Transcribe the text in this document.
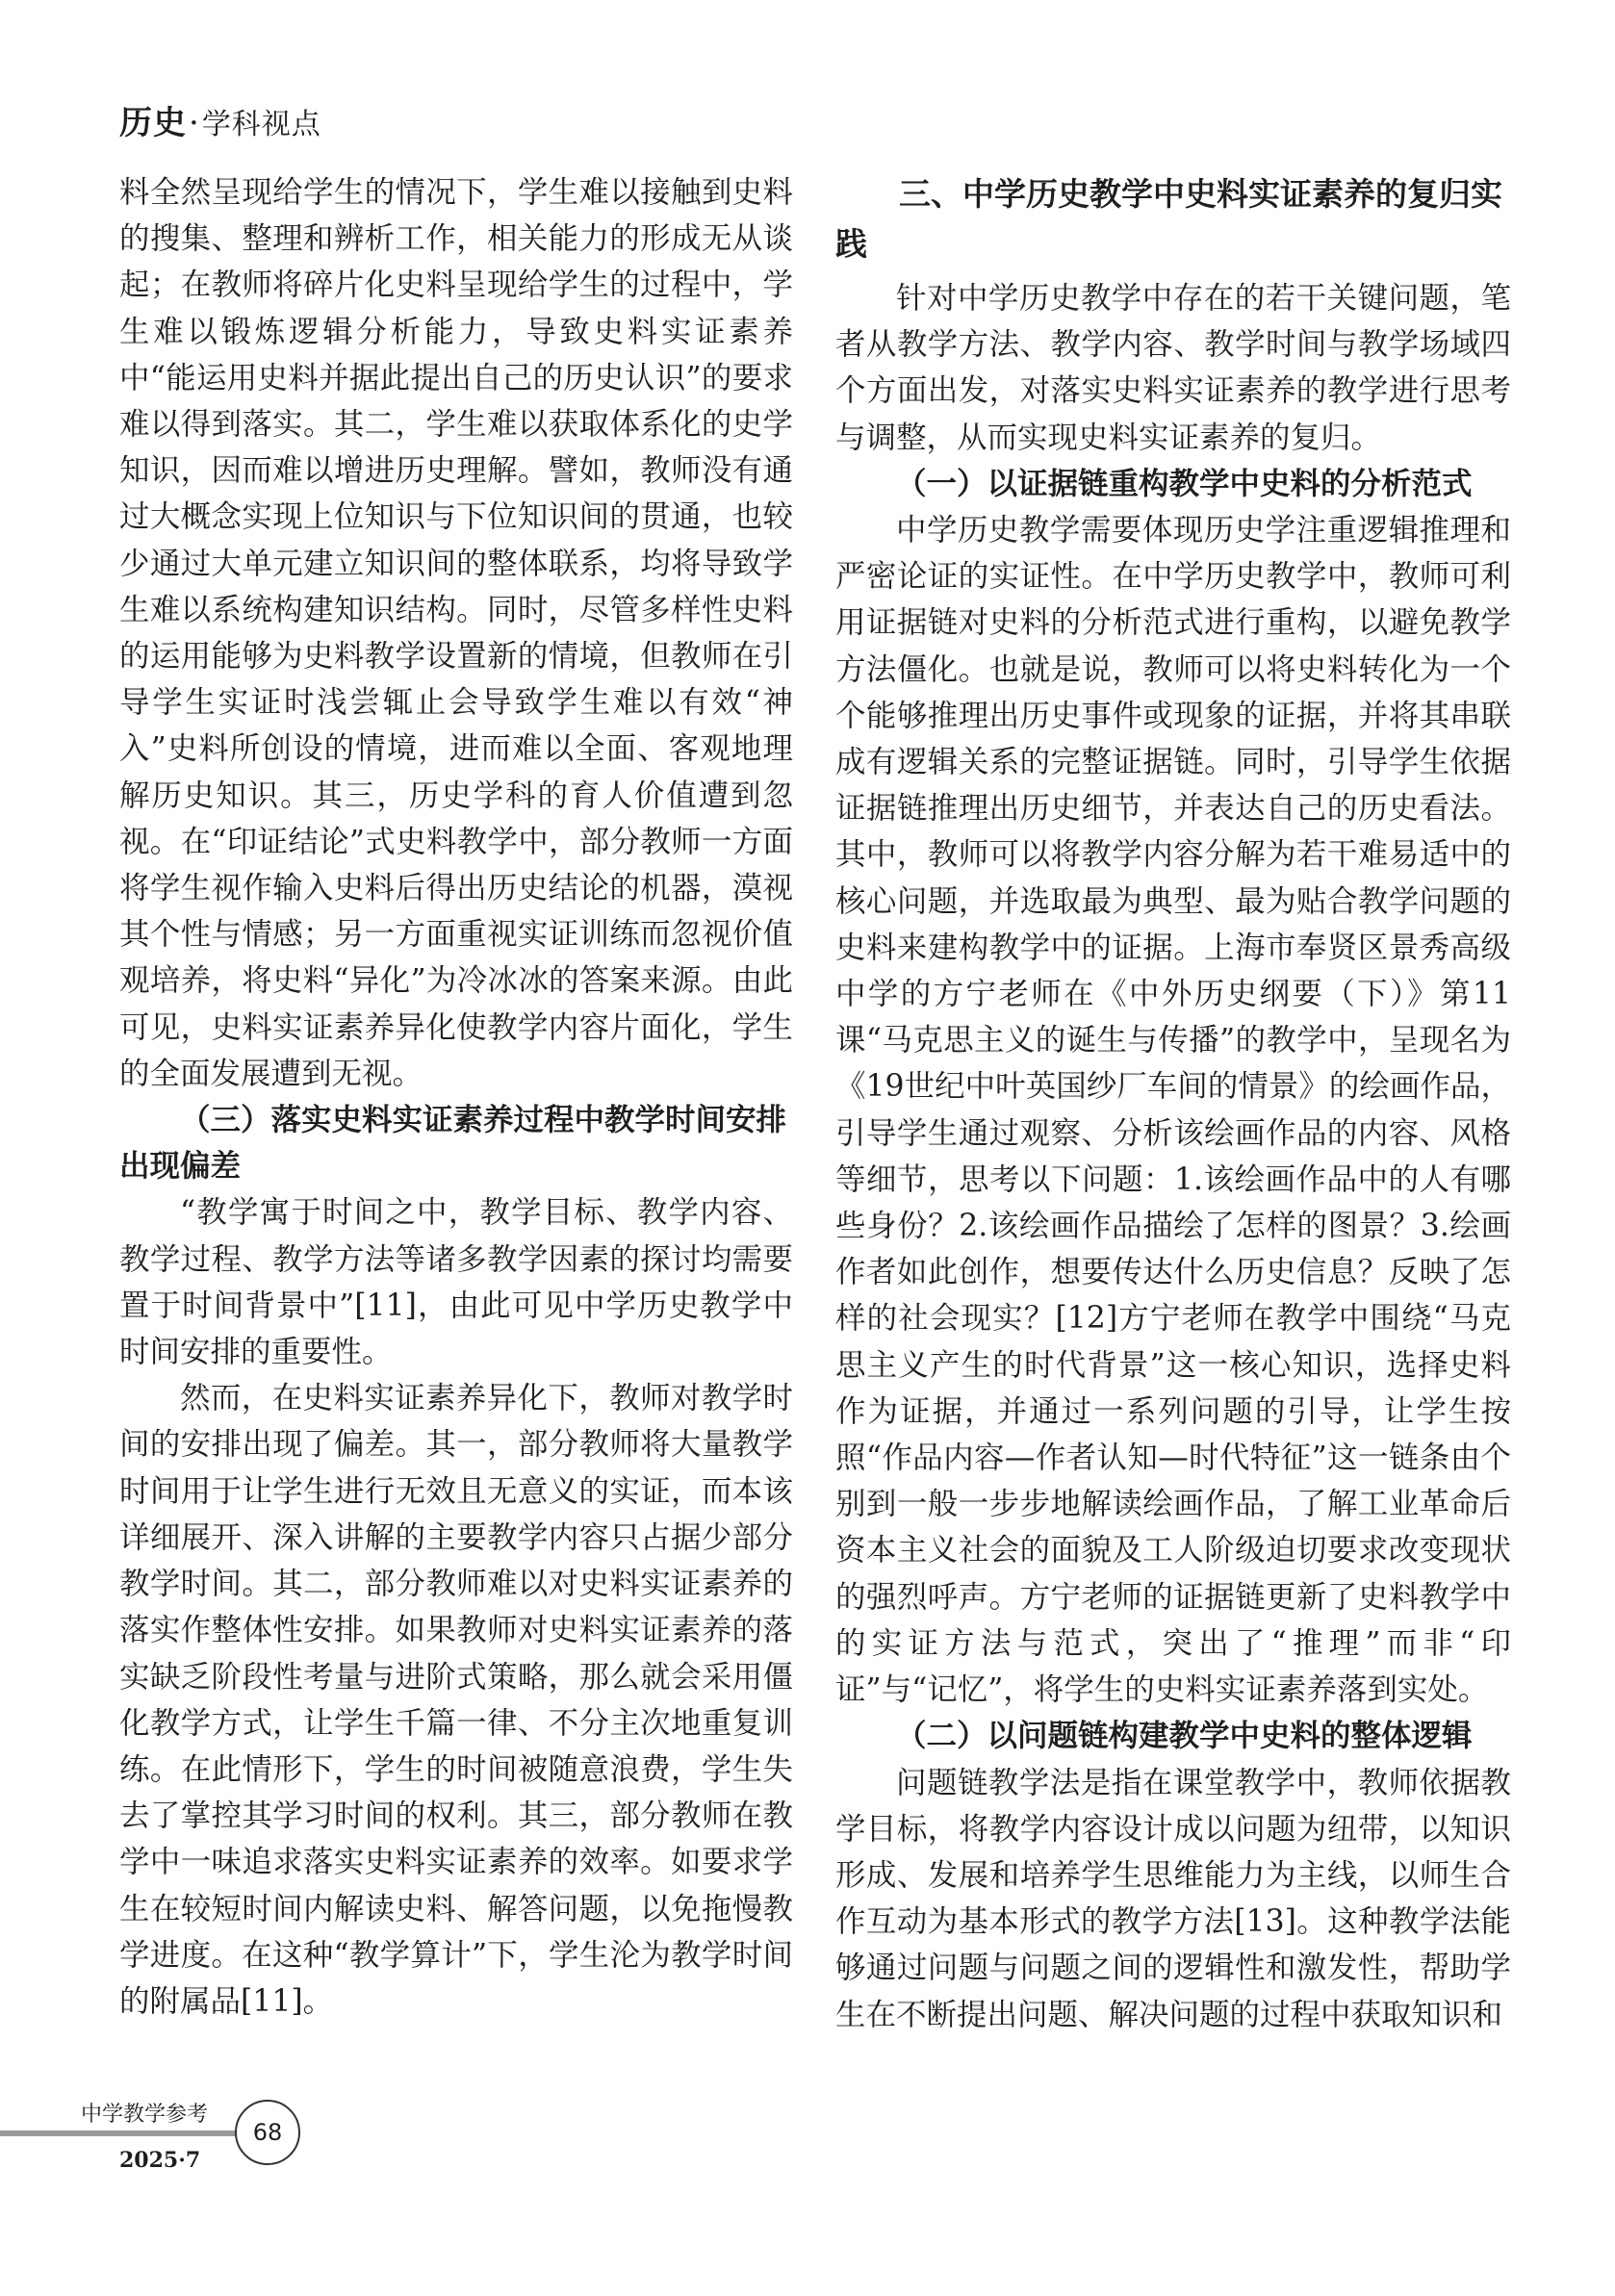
历史·学科视点

料全然呈现给学生的情况下，学生难以接触到史料的搜集、整理和辨析工作，相关能力的形成无从谈起；在教师将碎片化史料呈现给学生的过程中，学生难以锻炼逻辑分析能力，导致史料实证素养中“能运用史料并据此提出自己的历史认识”的要求难以得到落实。其二，学生难以获取体系化的史学知识，因而难以增进历史理解。譬如，教师没有通过大概念实现上位知识与下位知识间的贯通，也较少通过大单元建立知识间的整体联系，均将导致学生难以系统构建知识结构。同时，尽管多样性史料的运用能够为史料教学设置新的情境，但教师在引导学生实证时浅尝辄止会导致学生难以有效“神入”史料所创设的情境，进而难以全面、客观地理解历史知识。其三，历史学科的育人价值遭到忽视。在“印证结论”式史料教学中，部分教师一方面将学生视作输入史料后得出历史结论的机器，漠视其个性与情感；另一方面重视实证训练而忽视价值观培养，将史料“异化”为冷冰冰的答案来源。由此可见，史料实证素养异化使教学内容片面化，学生的全面发展遭到无视。

（三）落实史料实证素养过程中教学时间安排出现偏差

“教学寓于时间之中，教学目标、教学内容、教学过程、教学方法等诸多教学因素的探讨均需要置于时间背景中”[11]，由此可见中学历史教学中时间安排的重要性。

然而，在史料实证素养异化下，教师对教学时间的安排出现了偏差。其一，部分教师将大量教学时间用于让学生进行无效且无意义的实证，而本该详细展开、深入讲解的主要教学内容只占据少部分教学时间。其二，部分教师难以对史料实证素养的落实作整体性安排。如果教师对史料实证素养的落实缺乏阶段性考量与进阶式策略，那么就会采用僵化教学方式，让学生千篇一律、不分主次地重复训练。在此情形下，学生的时间被随意浪费，学生失去了掌控其学习时间的权利。其三，部分教师在教学中一味追求落实史料实证素养的效率。如要求学生在较短时间内解读史料、解答问题，以免拖慢教学进度。在这种“教学算计”下，学生沦为教学时间的附属品[11]。

三、中学历史教学中史料实证素养的复归实践

针对中学历史教学中存在的若干关键问题，笔者从教学方法、教学内容、教学时间与教学场域四个方面出发，对落实史料实证素养的教学进行思考与调整，从而实现史料实证素养的复归。

（一）以证据链重构教学中史料的分析范式

中学历史教学需要体现历史学注重逻辑推理和严密论证的实证性。在中学历史教学中，教师可利用证据链对史料的分析范式进行重构，以避免教学方法僵化。也就是说，教师可以将史料转化为一个个能够推理出历史事件或现象的证据，并将其串联成有逻辑关系的完整证据链。同时，引导学生依据证据链推理出历史细节，并表达自己的历史看法。其中，教师可以将教学内容分解为若干难易适中的核心问题，并选取最为典型、最为贴合教学问题的史料来建构教学中的证据。上海市奉贤区景秀高级中学的方宁老师在《中外历史纲要（下）》第11课“马克思主义的诞生与传播”的教学中，呈现名为《19世纪中叶英国纱厂车间的情景》的绘画作品，引导学生通过观察、分析该绘画作品的内容、风格等细节，思考以下问题：1.该绘画作品中的人有哪些身份？2.该绘画作品描绘了怎样的图景？3.绘画作者如此创作，想要传达什么历史信息？反映了怎样的社会现实？[12]方宁老师在教学中围绕“马克思主义产生的时代背景”这一核心知识，选择史料作为证据，并通过一系列问题的引导，让学生按照“作品内容—作者认知—时代特征”这一链条由个别到一般一步步地解读绘画作品，了解工业革命后资本主义社会的面貌及工人阶级迫切要求改变现状的强烈呼声。方宁老师的证据链更新了史料教学中的实证方法与范式，突出了“推理”而非“印证”与“记忆”，将学生的史料实证素养落到实处。

（二）以问题链构建教学中史料的整体逻辑

问题链教学法是指在课堂教学中，教师依据教学目标，将教学内容设计成以问题为纽带，以知识形成、发展和培养学生思维能力为主线，以师生合作互动为基本形式的教学方法[13]。这种教学法能够通过问题与问题之间的逻辑性和激发性，帮助学生在不断提出问题、解决问题的过程中获取知识和

中学教学参考
2025·7
68
